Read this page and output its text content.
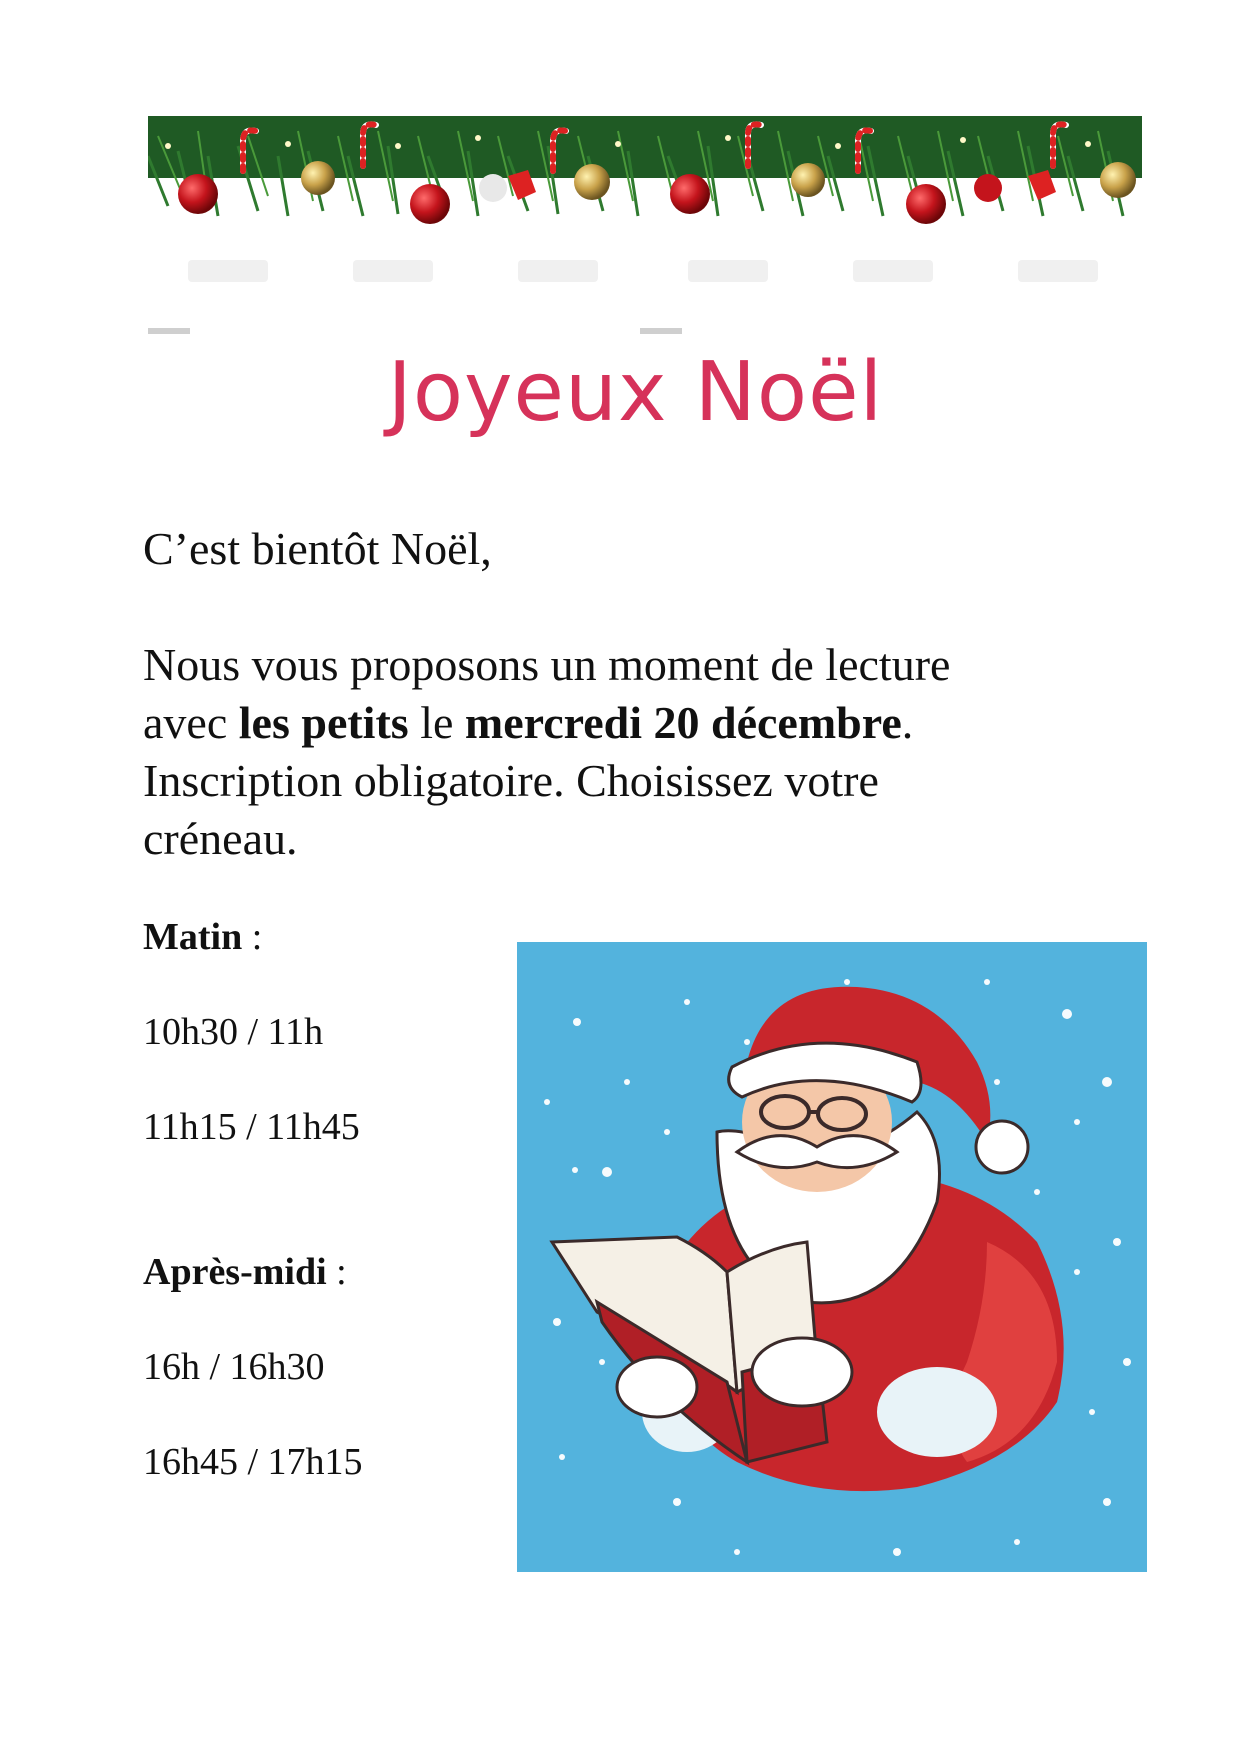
Joyeux Noël

C’est bientôt Noël,

Nous vous proposons un moment de lecture

avec les petits le mercredi 20 décembre.

Inscription obligatoire. Choisissez votre

créneau.

Matin :
10h30 / 11h
11h15 / 11h45
Après-midi :
16h / 16h30
16h45 / 17h15
